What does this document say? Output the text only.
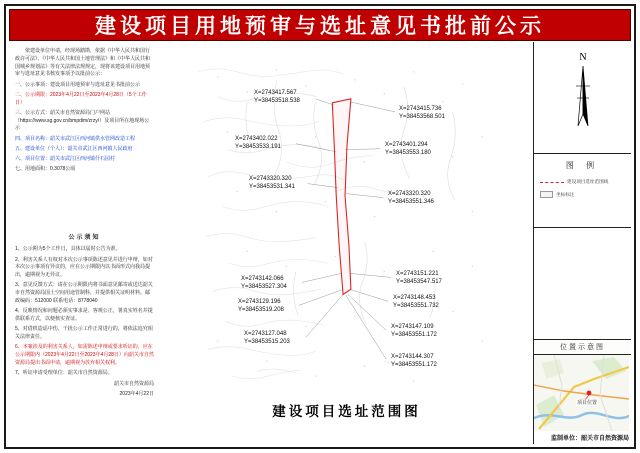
建设项目用地预审与选址意见书批前公示

依建设单位申请，经现场踏勘，依据《中华人民共和国行政许可法》、《中华人民共和国土地管理法》和《中华人民共和国城乡规划法》等有关法律法规规定，现将该建设项目用地预审与选址意见书核发事项予以批前公示：

一、公示事项：建设项目用地预审与选址意见书批前公示

二、公示期限：2023年4月22日至2023年4月28日（5个工作日）

三、公示方式：韶关市自然资源局门户网站（https://www.sg.gov.cn/bmpdim/zrzy/）及项目所在地现场公示

四、项目名称：韶关市武江区西河镇供水管网改造工程

五、建设单位（个人）：韶关市武江区西河镇人民政府

六、项目位置：韶关市武江区西河镇什石园村

七、用地面积：0.3078公顷

公示须知

1、公示期为5个工作日，具体以届时公告为准。

2、利害关系人有权对本次公示事项陈述意见并进行申辩，如对本次公示事项有异议的，应在公示期限内以书面形式向我局提出，逾期视为无异议。

3、意见反馈方式：请在公示期限内将书面意见邮寄或送达韶关市自然资源局国土空间用途管制科，并提供相关证明材料。邮政编码：512000 联系电话：8778040

4、反映情况和问题必须实事求是、客观公正，署真实姓名并提供联系方式，以便核实查证。

5、对借机造谣中伤、干扰公示工作正常进行的，将依法追究相关法律责任。

6、本案涉及的利害关系人，如需陈述申辩或要求听证的，应在公示期限内（2023年4月22日至2023年4月28日）向韶关市自然资源局提出书面申请，逾期视为放弃相关权利。

7、听证申请受理单位：韶关市自然资源局。

韶关市自然资源局
2023年4月22日
X=2743417.567
Y=38453518.538
X=2743415.736
Y=38453568.501
X=2743402.022
Y=38453533.191	X=2743401.294
Y=38453553.180
X=2743320.320
Y=38453531.341
X=2743320.320
Y=38453551.346
X=2743142.066
Y=38453527.304
X=2743151.221
Y=38453547.517
X=2743129.196
Y=38453519.208
X=2743148.453
Y=38453551.732
X=2743127.048
Y=38453515.203
X=2743147.109
Y=38453551.172
X=2743144.307
Y=38453551.172
建设项目选址范围图
N
图 例
建设项目选址范围线
坐标标注
位置示意图
项目位置
监制单位：韶关市自然资源局
